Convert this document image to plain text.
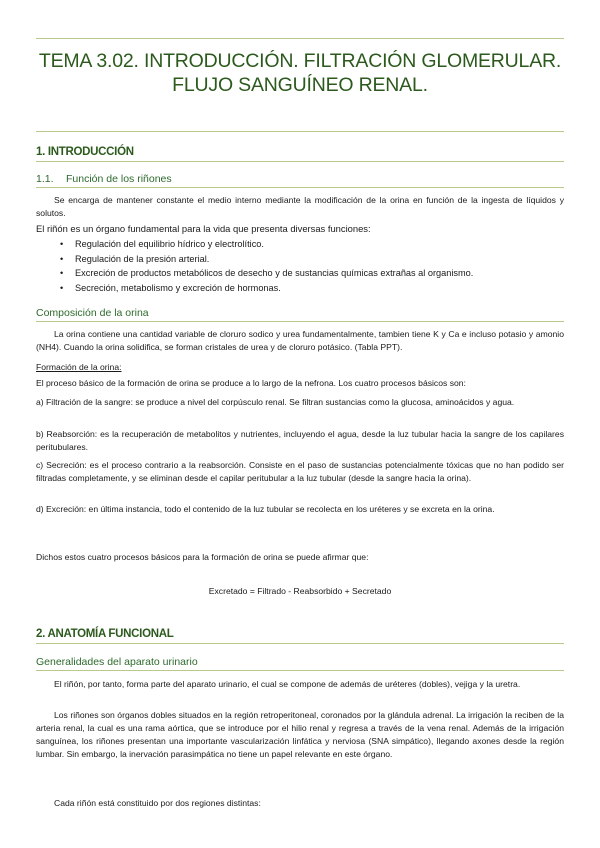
TEMA 3.02. INTRODUCCIÓN. FILTRACIÓN GLOMERULAR. FLUJO SANGUÍNEO RENAL.
1. INTRODUCCIÓN
1.1. Función de los riñones

Se encarga de mantener constante el medio interno mediante la modificación de la orina en función de la ingesta de líquidos y solutos.

El riñón es un órgano fundamental para la vida que presenta diversas funciones:
• Regulación del equilibrio hídrico y electrolítico.
• Regulación de la presión arterial.
• Excreción de productos metabólicos de desecho y de sustancias químicas extrañas al organismo.
• Secreción, metabolismo y excreción de hormonas.
Composición de la orina

La orina contiene una cantidad variable de cloruro sodico y urea fundamentalmente, tambien tiene K y Ca e incluso potasio y amonio (NH4). Cuando la orina solidifica, se forman cristales de urea y de cloruro potásico. (Tabla PPT).

Formación de la orina:

El proceso básico de la formación de orina se produce a lo largo de la nefrona. Los cuatro procesos básicos son:

a) Filtración de la sangre: se produce a nivel del corpúsculo renal. Se filtran sustancias como la glucosa, aminoácidos y agua.

b) Reabsorción: es la recuperación de metabolitos y nutrientes, incluyendo el agua, desde la luz tubular hacia la sangre de los capilares peritubulares.

c) Secreción: es el proceso contrario a la reabsorción. Consiste en el paso de sustancias potencialmente tóxicas que no han podido ser filtradas completamente, y se eliminan desde el capilar peritubular a la luz tubular (desde la sangre hacia la orina).

d) Excreción: en última instancia, todo el contenido de la luz tubular se recolecta en los uréteres y se excreta en la orina.

Dichos estos cuatro procesos básicos para la formación de orina se puede afirmar que:

Excretado = Filtrado - Reabsorbido + Secretado

2. ANATOMÍA FUNCIONAL
Generalidades del aparato urinario

El riñón, por tanto, forma parte del aparato urinario, el cual se compone de además de uréteres (dobles), vejiga y la uretra.

Los riñones son órganos dobles situados en la región retroperitoneal, coronados por la glándula adrenal. La irrigación la reciben de la arteria renal, la cual es una rama aórtica, que se introduce por el hilio renal y regresa a través de la vena renal. Además de la irrigación sanguínea, los riñones presentan una importante vascularización linfática y nerviosa (SNA simpático), llegando axones desde la región lumbar. Sin embargo, la inervación parasimpática no tiene un papel relevante en este órgano.

Cada riñón está constituido por dos regiones distintas:
